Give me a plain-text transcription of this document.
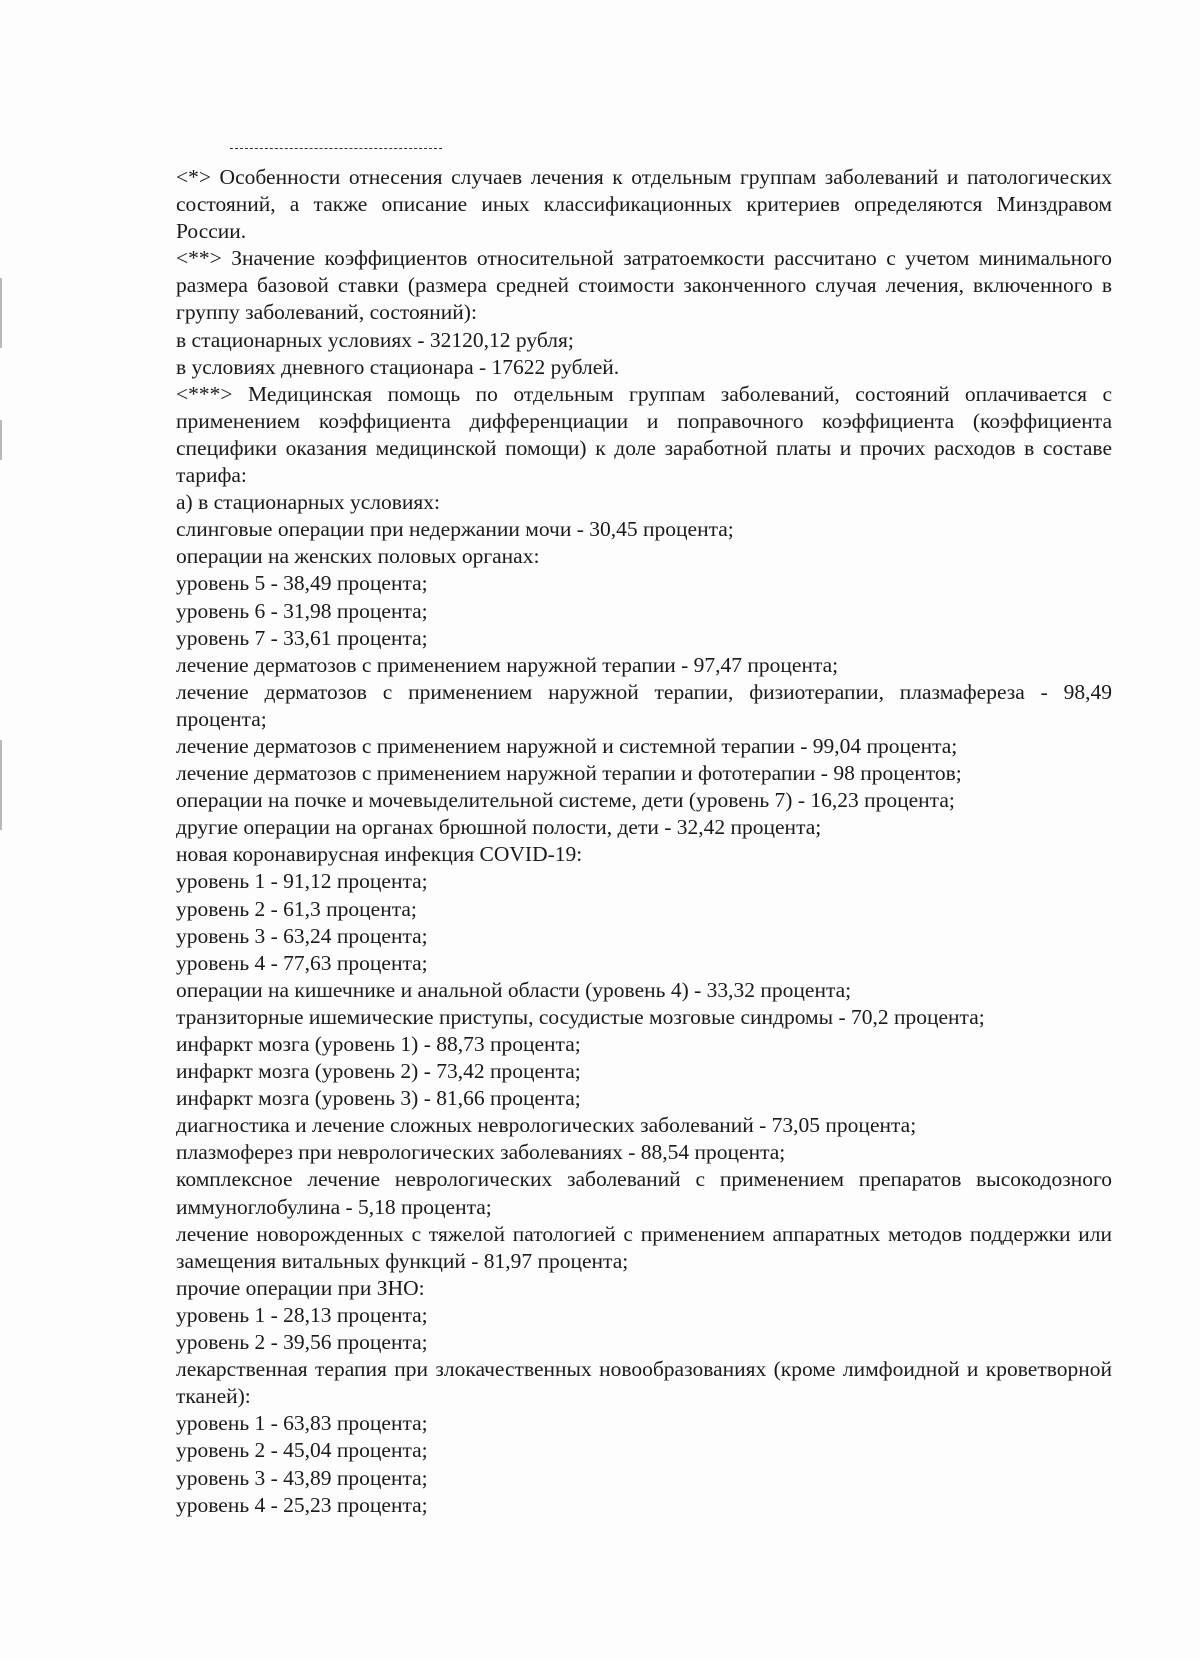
<*> Особенности отнесения случаев лечения к отдельным группам заболеваний и патологических состояний, а также описание иных классификационных критериев определяются Минздравом России.

<**> Значение коэффициентов относительной затратоемкости рассчитано с учетом минимального размера базовой ставки (размера средней стоимости законченного случая лечения, включенного в группу заболеваний, состояний):

в стационарных условиях - 32120,12 рубля;

в условиях дневного стационара - 17622 рублей.

<***> Медицинская помощь по отдельным группам заболеваний, состояний оплачивается с применением коэффициента дифференциации и поправочного коэффициента (коэффициента специфики оказания медицинской помощи) к доле заработной платы и прочих расходов в составе тарифа:

а) в стационарных условиях:

слинговые операции при недержании мочи - 30,45 процента;

операции на женских половых органах:

уровень 5 - 38,49 процента;

уровень 6 - 31,98 процента;

уровень 7 - 33,61 процента;

лечение дерматозов с применением наружной терапии - 97,47 процента;

лечение дерматозов с применением наружной терапии, физиотерапии, плазмафереза - 98,49 процента;

лечение дерматозов с применением наружной и системной терапии - 99,04 процента;

лечение дерматозов с применением наружной терапии и фототерапии - 98 процентов;

операции на почке и мочевыделительной системе, дети (уровень 7) - 16,23 процента;

другие операции на органах брюшной полости, дети - 32,42 процента;

новая коронавирусная инфекция COVID-19:

уровень 1 - 91,12 процента;

уровень 2 - 61,3 процента;

уровень 3 - 63,24 процента;

уровень 4 - 77,63 процента;

операции на кишечнике и анальной области (уровень 4) - 33,32 процента;

транзиторные ишемические приступы, сосудистые мозговые синдромы - 70,2 процента;

инфаркт мозга (уровень 1) - 88,73 процента;

инфаркт мозга (уровень 2) - 73,42 процента;

инфаркт мозга (уровень 3) - 81,66 процента;

диагностика и лечение сложных неврологических заболеваний - 73,05 процента;

плазмоферез при неврологических заболеваниях - 88,54 процента;

комплексное лечение неврологических заболеваний с применением препаратов высокодозного иммуноглобулина - 5,18 процента;

лечение новорожденных с тяжелой патологией с применением аппаратных методов поддержки или замещения витальных функций - 81,97 процента;

прочие операции при ЗНО:

уровень 1 - 28,13 процента;

уровень 2 - 39,56 процента;

лекарственная терапия при злокачественных новообразованиях (кроме лимфоидной и кроветворной тканей):

уровень 1 - 63,83 процента;

уровень 2 - 45,04 процента;

уровень 3 - 43,89 процента;

уровень 4 - 25,23 процента;
